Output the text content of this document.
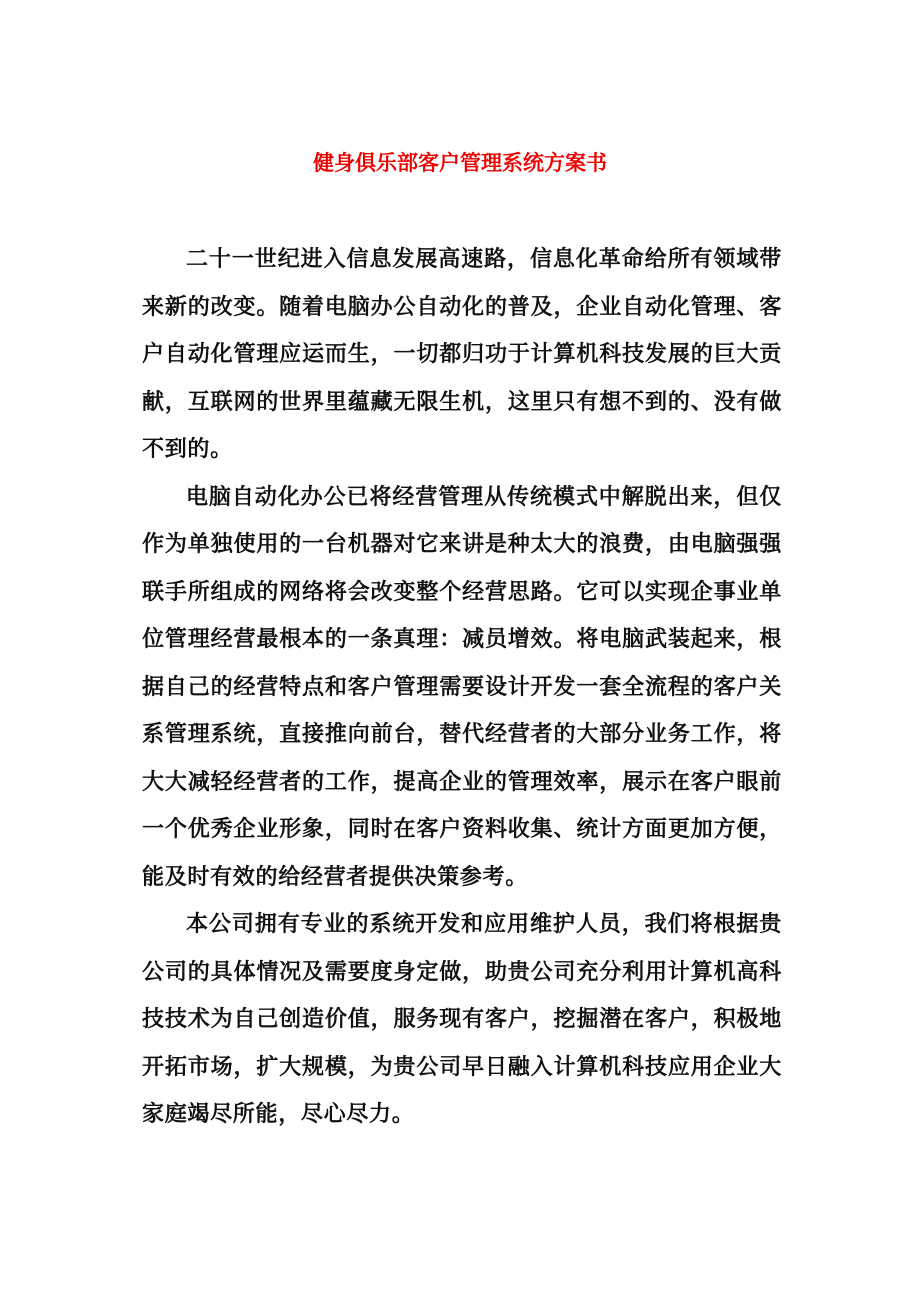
健身俱乐部客户管理系统方案书

二十一世纪进入信息发展高速路，信息化革命给所有领域带来新的改变。随着电脑办公自动化的普及，企业自动化管理、客户自动化管理应运而生，一切都归功于计算机科技发展的巨大贡献，互联网的世界里蕴藏无限生机，这里只有想不到的、没有做不到的。

电脑自动化办公已将经营管理从传统模式中解脱出来，但仅作为单独使用的一台机器对它来讲是种太大的浪费，由电脑强强联手所组成的网络将会改变整个经营思路。它可以实现企事业单位管理经营最根本的一条真理：减员增效。将电脑武装起来，根据自己的经营特点和客户管理需要设计开发一套全流程的客户关系管理系统，直接推向前台，替代经营者的大部分业务工作，将大大减轻经营者的工作，提高企业的管理效率，展示在客户眼前一个优秀企业形象，同时在客户资料收集、统计方面更加方便，能及时有效的给经营者提供决策参考。

本公司拥有专业的系统开发和应用维护人员，我们将根据贵公司的具体情况及需要度身定做，助贵公司充分利用计算机高科技技术为自己创造价值，服务现有客户，挖掘潜在客户，积极地开拓市场，扩大规模，为贵公司早日融入计算机科技应用企业大家庭竭尽所能，尽心尽力。
